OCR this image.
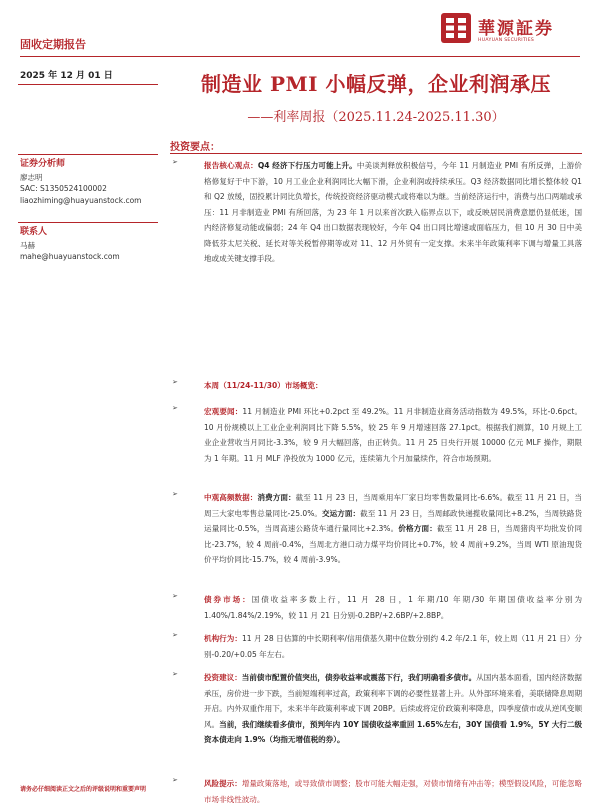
固收定期报告
華源証券
HUAYUAN SECURITIES
2025 年 12 月 01 日
证券分析师
廖志明
SAC: S1350524100002
liaozhiming@huayuanstock.com
联系人
马赫
mahe@huayuanstock.com
制造业 PMI 小幅反弹，企业利润承压
——利率周报（2025.11.24-2025.11.30）
投资要点：
➢	报告核心观点：Q4 经济下行压力可能上升。中美谈判释放积极信号，今年 11 月制造业 PMI 有所反弹，上游价格修复好于中下游，10 月工业企业利润同比大幅下滑，企业利润或持续承压。Q3 经济数据同比增长整体较 Q1 和 Q2 放缓，固投累计同比负增长，传统投资经济驱动模式或将难以为继。当前经济运行中，消费与出口两端或承压：11 月非制造业 PMI 有所回落，为 23 年 1 月以来首次跌入临界点以下，或反映居民消费意愿仍显低迷，国内经济修复动能或偏弱；24 年 Q4 出口数据表现较好，今年 Q4 出口同比增速或面临压力，但 10 月 30 日中美降低芬太尼关税、延长对等关税暂停期等或对 11、12 月外贸有一定支撑。未来半年政策利率下调与增量工具落地或成关键支撑手段。
➢	本周（11/24-11/30）市场概览：
➢	宏观要闻：11 月制造业 PMI 环比+0.2pct 至 49.2%。11 月非制造业商务活动指数为 49.5%，环比-0.6pct。10 月份规模以上工业企业利润同比下降 5.5%，较 25 年 9 月增速回落 27.1pct。根据我们测算，10 月规上工业企业营收当月同比-3.3%，较 9 月大幅回落，由正转负。11 月 25 日央行开展 10000 亿元 MLF 操作，期限为 1 年期。11 月 MLF 净投放为 1000 亿元，连续第九个月加量续作，符合市场预期。
➢	中观高频数据：消费方面：截至 11 月 23 日，当周乘用车厂家日均零售数量同比-6.6%。截至 11 月 21 日，当周三大家电零售总量同比-25.0%。交运方面：截至 11 月 23 日，当周邮政快递揽收量同比+8.2%，当周铁路货运量同比-0.5%，当周高速公路货车通行量同比+2.3%。价格方面：截至 11 月 28 日，当周猪肉平均批发价同比-23.7%，较 4 周前-0.4%，当周北方港口动力煤平均价同比+0.7%，较 4 周前+9.2%，当周 WTI 原油现货价平均价同比-15.7%，较 4 周前-3.9%。
➢	债券市场：国债收益率多数上行，11 月 28 日，1 年期/10 年期/30 年期国债收益率分别为 1.40%/1.84%/2.19%，较 11 月 21 日分别-0.2BP/+2.6BP/+2.8BP。
➢	机构行为：11 月 28 日估算的中长期利率/信用债基久期中位数分别约 4.2 年/2.1 年，较上周（11 月 21 日）分别-0.20/+0.05 年左右。
➢	投资建议：当前债市配置价值突出，债券收益率或震荡下行，我们明确看多债市。从国内基本面看，国内经济数据承压，房价进一步下跌，当前短端利率过高，政策利率下调的必要性显著上升。从外部环境来看，美联储降息周期开启。内外双重作用下，未来半年政策利率或下调 20BP。后续或将定价政策利率降息，四季度债市或从逆风变顺风。当前，我们继续看多债市，预判年内 10Y 国债收益率重回 1.65%左右，30Y 国债看 1.9%，5Y 大行二级资本债走向 1.9%（均指无增值税的券）。
➢	风险提示：增量政策落地，或导致债市调整；股市可能大幅走强，对债市情绪有冲击等；模型假设风险，可能忽略市场非线性波动。
请务必仔细阅读正文之后的评级说明和重要声明
